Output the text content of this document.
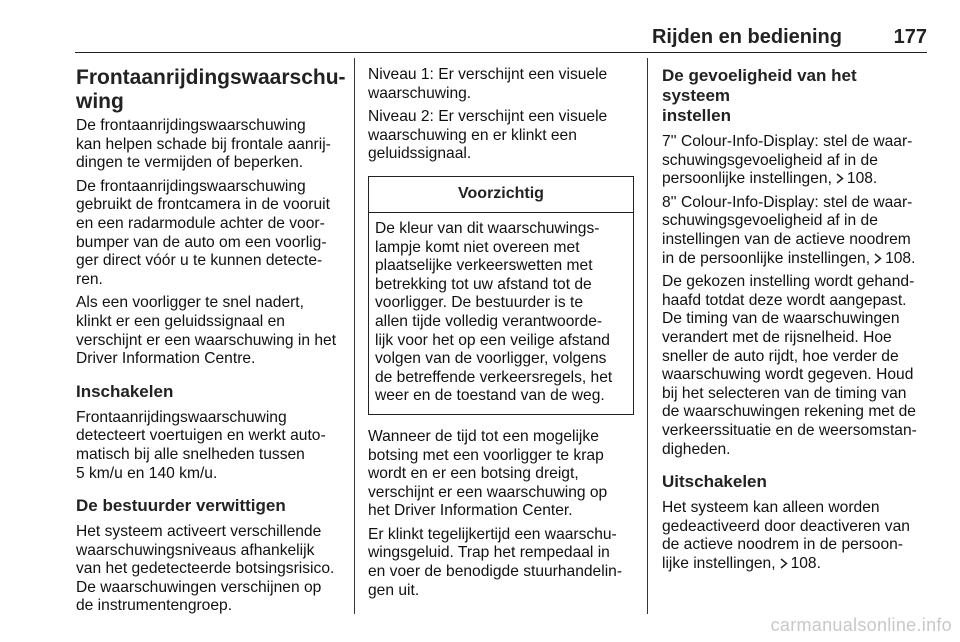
Rijden en bediening	177
Frontaanrijdingswaarschu-
wing

De frontaanrijdingswaarschuwing
kan helpen schade bij frontale aanrij-
dingen te vermijden of beperken.

De frontaanrijdingswaarschuwing
gebruikt de frontcamera in de vooruit
en een radarmodule achter de voor-
bumper van de auto om een voorlig-
ger direct vóór u te kunnen detecte-
ren.

Als een voorligger te snel nadert,
klinkt er een geluidssignaal en
verschijnt er een waarschuwing in het
Driver Information Centre.

Inschakelen

Frontaanrijdingswaarschuwing
detecteert voertuigen en werkt auto-
matisch bij alle snelheden tussen
5 km/u en 140 km/u.

De bestuurder verwittigen

Het systeem activeert verschillende
waarschuwingsniveaus afhankelijk
van het gedetecteerde botsingsrisico.
De waarschuwingen verschijnen op
de instrumentengroep.

Niveau 1: Er verschijnt een visuele
waarschuwing.

Niveau 2: Er verschijnt een visuele
waarschuwing en er klinkt een
geluidssignaal.

Voorzichtig
De kleur van dit waarschuwings-
lampje komt niet overeen met
plaatselijke verkeerswetten met
betrekking tot uw afstand tot de
voorligger. De bestuurder is te
allen tijde volledig verantwoorde-
lijk voor het op een veilige afstand
volgen van de voorligger, volgens
de betreffende verkeersregels, het
weer en de toestand van de weg.

Wanneer de tijd tot een mogelijke
botsing met een voorligger te krap
wordt en er een botsing dreigt,
verschijnt er een waarschuwing op
het Driver Information Center.

Er klinkt tegelijkertijd een waarschu-
wingsgeluid. Trap het rempedaal in
en voer de benodigde stuurhandelin-
gen uit.

De gevoeligheid van het systeem
instellen

7'' Colour-Info-Display: stel de waar-
schuwingsgevoeligheid af in de
persoonlijke instellingen, 108.

8'' Colour-Info-Display: stel de waar-
schuwingsgevoeligheid af in de
instellingen van de actieve noodrem
in de persoonlijke instellingen, 108.

De gekozen instelling wordt gehand-
haafd totdat deze wordt aangepast.
De timing van de waarschuwingen
verandert met de rijsnelheid. Hoe
sneller de auto rijdt, hoe verder de
waarschuwing wordt gegeven. Houd
bij het selecteren van de timing van
de waarschuwingen rekening met de
verkeerssituatie en de weersomstan-
digheden.

Uitschakelen

Het systeem kan alleen worden
gedeactiveerd door deactiveren van
de actieve noodrem in de persoon-
lijke instellingen, 108.

carmanualsonline.info
